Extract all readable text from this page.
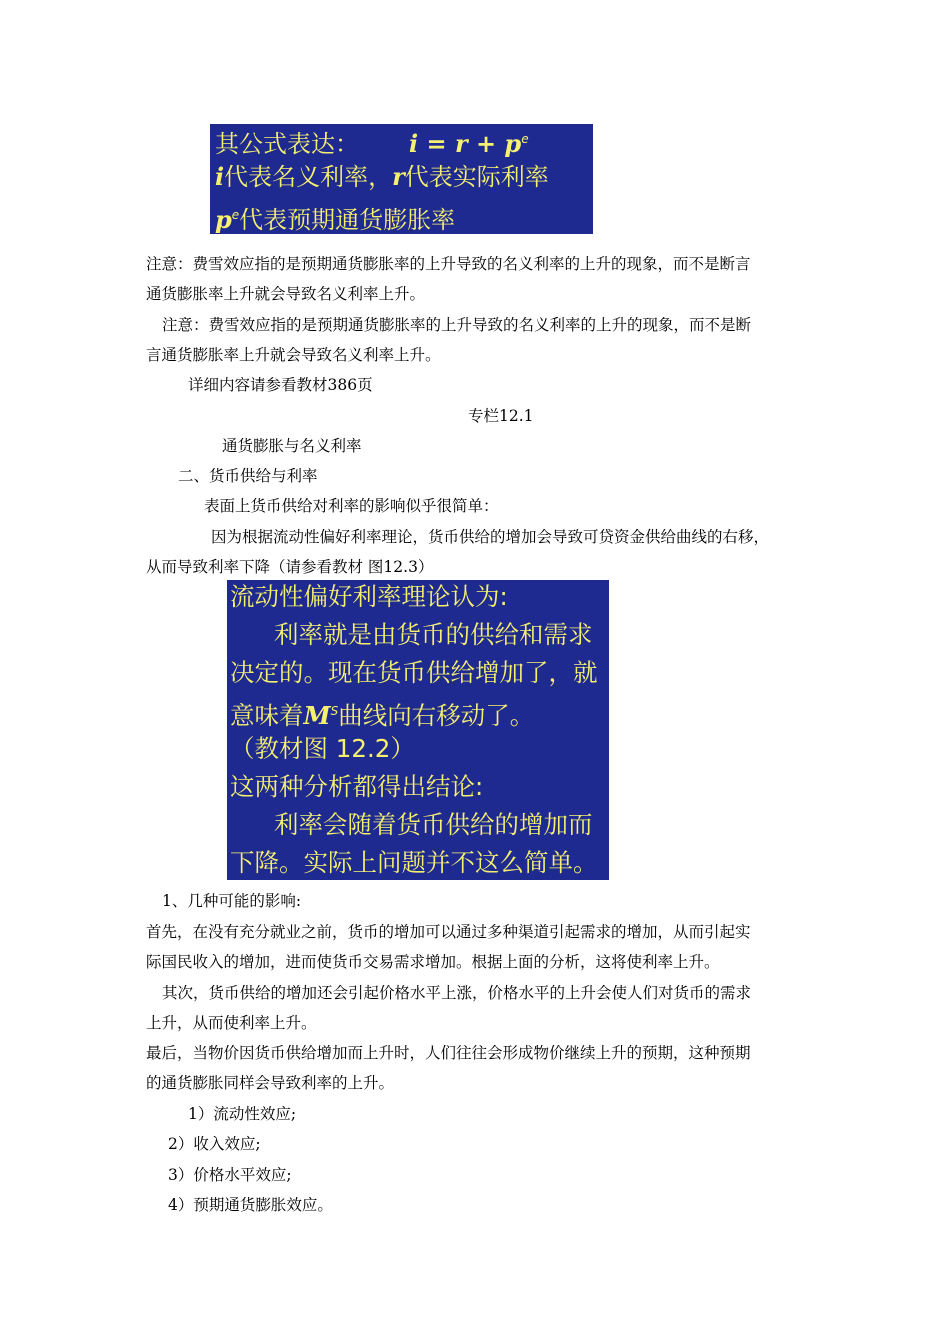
其公式表达： $i = r + p^e$
i代表名义利率，r代表实际利率
$p^e$代表预期通货膨胀率
注意：费雪效应指的是预期通货膨胀率的上升导致的名义利率的上升的现象，而不是断言
通货膨胀率上升就会导致名义利率上升。
注意：费雪效应指的是预期通货膨胀率的上升导致的名义利率的上升的现象，而不是断
言通货膨胀率上升就会导致名义利率上升。
详细内容请参看教材386页
专栏12.1
通货膨胀与名义利率
二、货币供给与利率
表面上货币供给对利率的影响似乎很简单：
因为根据流动性偏好利率理论，货币供给的增加会导致可贷资金供给曲线的右移，
从而导致利率下降（请参看教材 图12.3）
流动性偏好利率理论认为:
利率就是由货币的供给和需求
决定的。现在货币供给增加了，就
意味着$M^S$曲线向右移动了。
（教材图 12.2）
这两种分析都得出结论:
利率会随着货币供给的增加而
下降。实际上问题并不这么简单。
1、几种可能的影响:
首先，在没有充分就业之前，货币的增加可以通过多种渠道引起需求的增加，从而引起实
际国民收入的增加，进而使货币交易需求增加。根据上面的分析，这将使利率上升。
其次，货币供给的增加还会引起价格水平上涨，价格水平的上升会使人们对货币的需求
上升，从而使利率上升。
最后，当物价因货币供给增加而上升时，人们往往会形成物价继续上升的预期，这种预期
的通货膨胀同样会导致利率的上升。
1）流动性效应;
2）收入效应;
3）价格水平效应;
4）预期通货膨胀效应。
